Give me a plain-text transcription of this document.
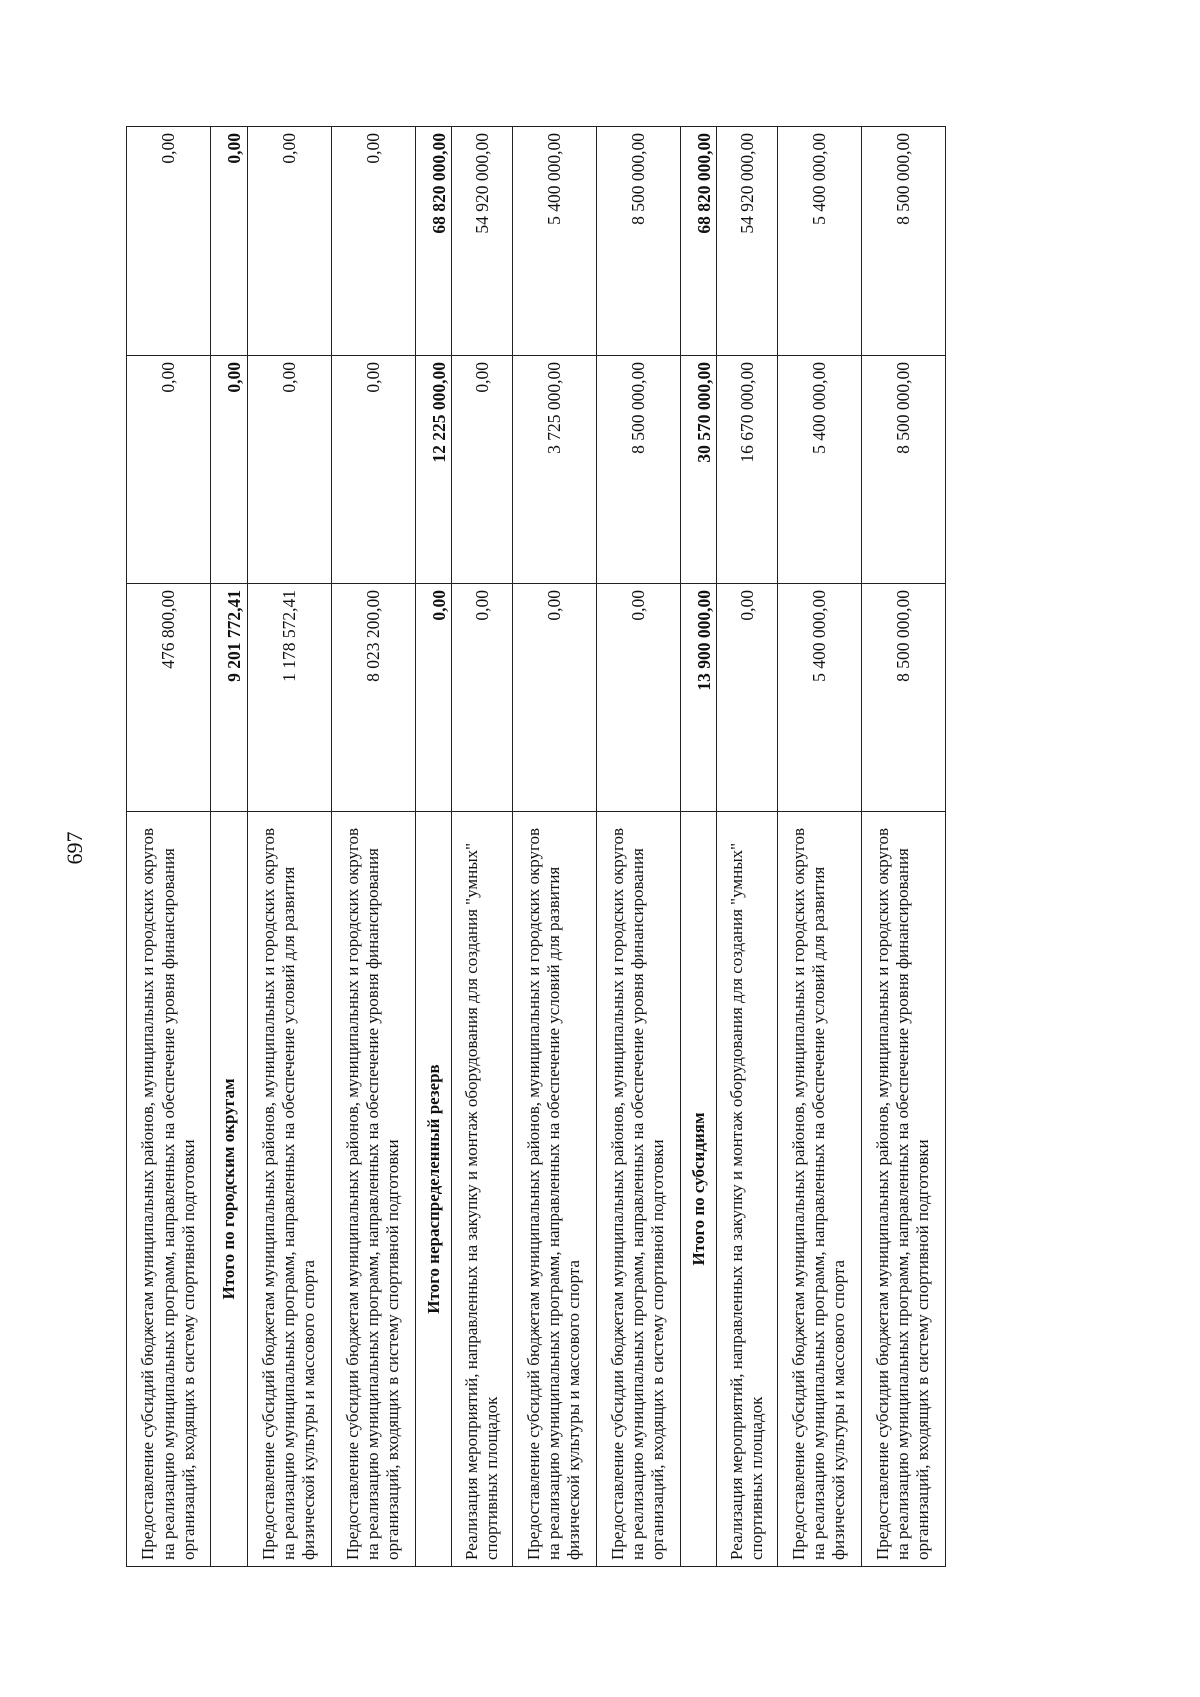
697	Предоставление субсидий бюджетам муниципальных районов, муниципальных и городских округов на реализацию муниципальных программ, направленных на обеспечение уровня финансирования организаций, входящих в систему спортивной подготовки	476 800,00	0,00	0,00
Итого по городским округам	9 201 772,41	0,00	0,00
Предоставление субсидий бюджетам муниципальных районов, муниципальных и городских округов на реализацию муниципальных программ, направленных на обеспечение условий для развития физической культуры и массового спорта	1 178 572,41	0,00	0,00
Предоставление субсидии бюджетам муниципальных районов, муниципальных и городских округов на реализацию муниципальных программ, направленных на обеспечение уровня финансирования организаций, входящих в систему спортивной подготовки	8 023 200,00	0,00	0,00
Итого нераспределенный резерв	0,00	12 225 000,00	68 820 000,00
Реализация мероприятий, направленных на закупку и монтаж оборудования для создания "умных" спортивных площадок	0,00	0,00	54 920 000,00
Предоставление субсидий бюджетам муниципальных районов, муниципальных и городских округов на реализацию муниципальных программ, направленных на обеспечение условий для развития физической культуры и массового спорта	0,00	3 725 000,00	5 400 000,00
Предоставление субсидии бюджетам муниципальных районов, муниципальных и городских округов на реализацию муниципальных программ, направленных на обеспечение уровня финансирования организаций, входящих в систему спортивной подготовки	0,00	8 500 000,00	8 500 000,00
Итого по субсидиям	13 900 000,00	30 570 000,00	68 820 000,00
Реализация мероприятий, направленных на закупку и монтаж оборудования для создания "умных" спортивных площадок	0,00	16 670 000,00	54 920 000,00
Предоставление субсидий бюджетам муниципальных районов, муниципальных и городских округов на реализацию муниципальных программ, направленных на обеспечение условий для развития физической культуры и массового спорта	5 400 000,00	5 400 000,00	5 400 000,00
Предоставление субсидии бюджетам муниципальных районов, муниципальных и городских округов на реализацию муниципальных программ, направленных на обеспечение уровня финансирования организаций, входящих в систему спортивной подготовки	8 500 000,00	8 500 000,00	8 500 000,00
